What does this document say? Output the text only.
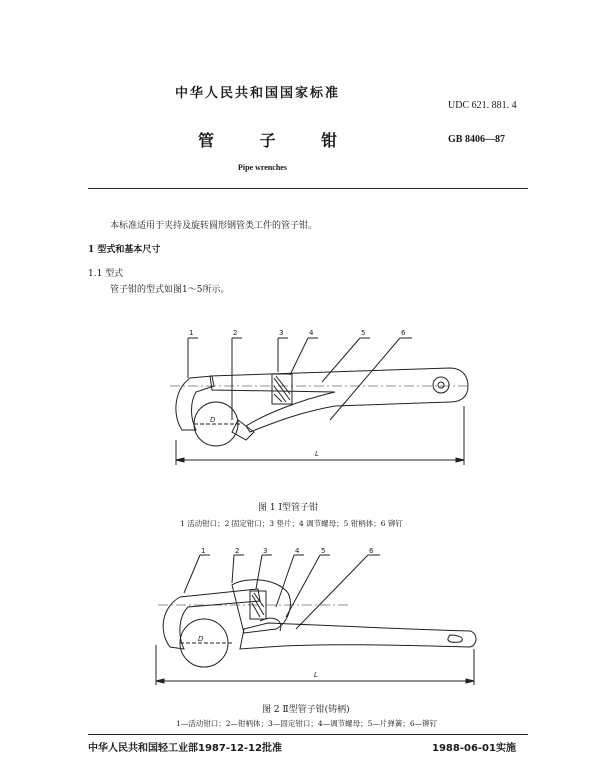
中华人民共和国国家标准
UDC 621. 881. 4
管 子 钳	GB 8406—87
Pipe wrenches
本标准适用于夹持及旋转圆形钢管类工件的管子钳。
1 型式和基本尺寸
1.1 型式
管子钳的型式如图1～5所示。
1	2	3	4	5	6
L
D
图 1 Ⅰ型管子钳
1 活动钳口；2 固定钳口；3 垫片；4 调节螺母；5 钳柄体；6 铆钉
1	2	3	4	5	6
L
D
图 2 Ⅱ型管子钳(铸柄)
1—活动钳口；2—钳柄体；3—固定钳口；4—调节螺母；5—片弹簧；6—铆钉
中华人民共和国轻工业部1987-12-12批准	1988-06-01实施
